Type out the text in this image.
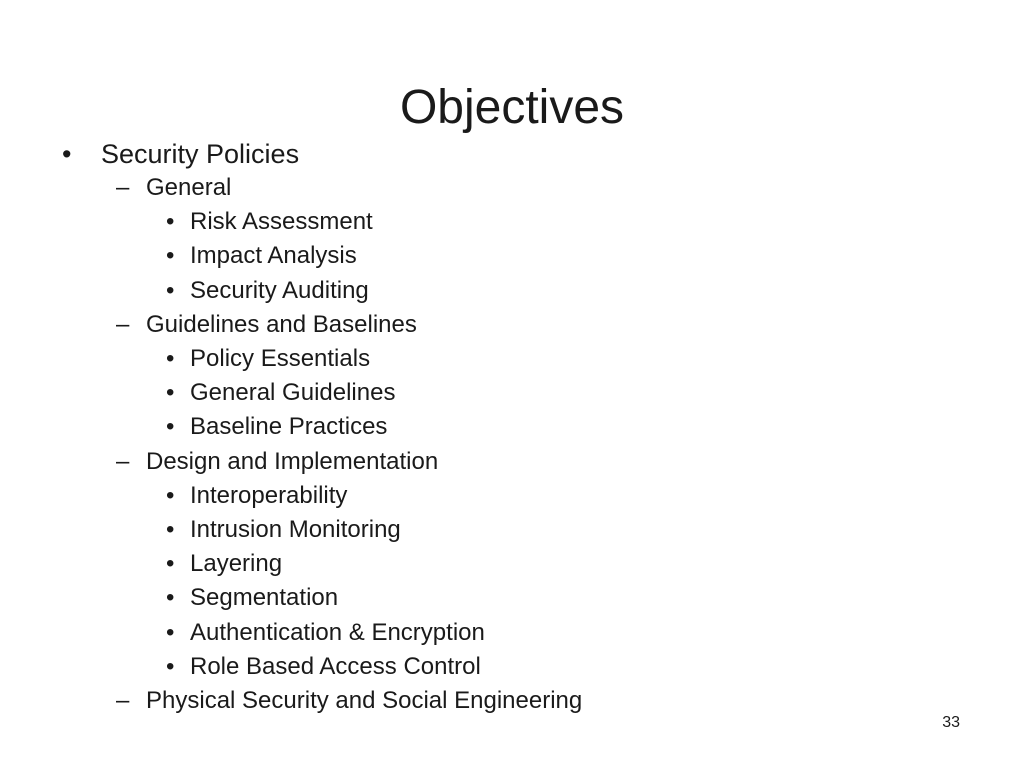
Objectives
• Security Policies
– General
• Risk Assessment
• Impact Analysis
• Security Auditing
– Guidelines and Baselines
• Policy Essentials
• General Guidelines
• Baseline Practices
– Design and Implementation
• Interoperability
• Intrusion Monitoring
• Layering
• Segmentation
• Authentication & Encryption
• Role Based Access Control
– Physical Security and Social Engineering
33
